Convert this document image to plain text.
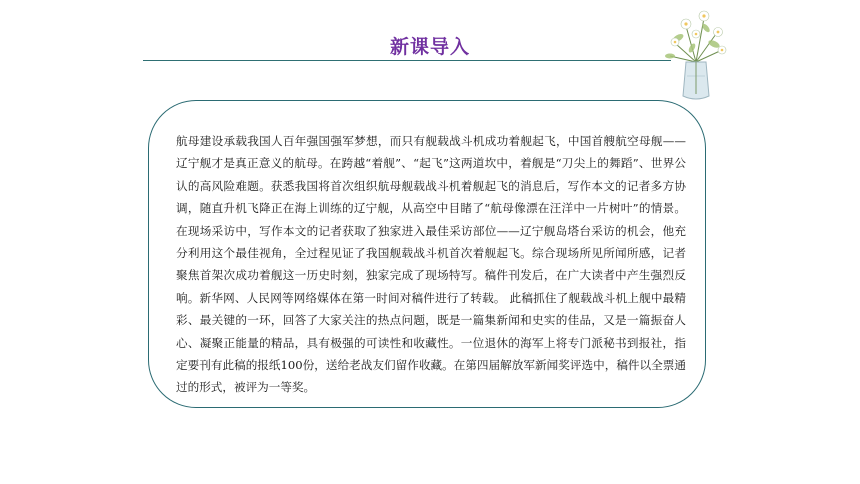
新课导入

航母建设承载我国人百年强国强军梦想，而只有舰载战斗机成功着舰起飞，中国首艘航空母舰——辽宁舰才是真正意义的航母。在跨越“着舰”、“起飞”这两道坎中，着舰是“刀尖上的舞蹈”、世界公认的高风险难题。获悉我国将首次组织航母舰载战斗机着舰起飞的消息后，写作本文的记者多方协调，随直升机飞降正在海上训练的辽宁舰，从高空中目睹了“航母像漂在汪洋中一片树叶”的情景。在现场采访中，写作本文的记者获取了独家进入最佳采访部位——辽宁舰岛塔台采访的机会，他充分利用这个最佳视角，全过程见证了我国舰载战斗机首次着舰起飞。综合现场所见所闻所感，记者聚焦首架次成功着舰这一历史时刻，独家完成了现场特写。稿件刊发后，在广大读者中产生强烈反响。新华网、人民网等网络媒体在第一时间对稿件进行了转载。 此稿抓住了舰载战斗机上舰中最精彩、最关键的一环，回答了大家关注的热点问题，既是一篇集新闻和史实的佳品，又是一篇振奋人心、凝聚正能量的精品，具有极强的可读性和收藏性。一位退休的海军上将专门派秘书到报社，指定要刊有此稿的报纸100份，送给老战友们留作收藏。在第四届解放军新闻奖评选中，稿件以全票通过的形式，被评为一等奖。
